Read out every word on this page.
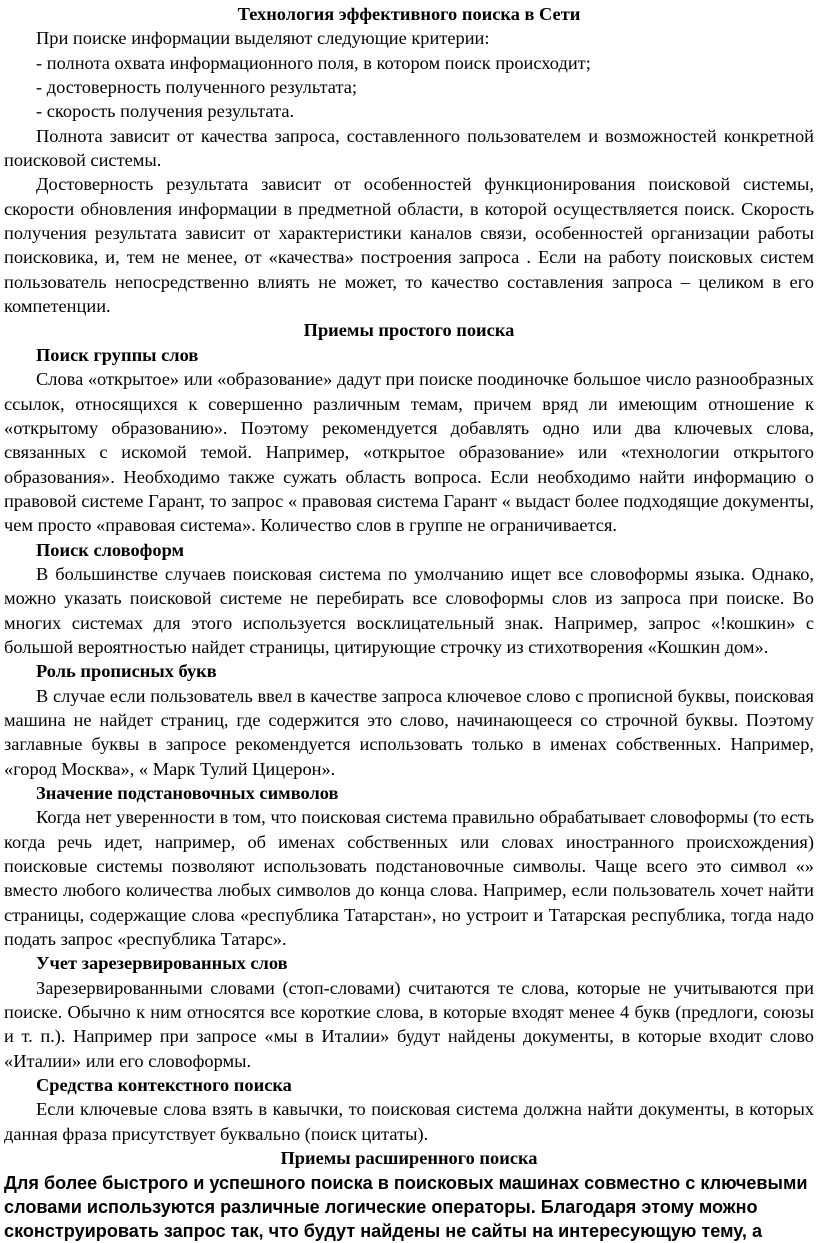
Технология эффективного поиска в Сети

При поиске информации выделяют следующие критерии:

- полнота охвата информационного поля, в котором поиск происходит;

- достоверность полученного результата;

- скорость получения результата.

Полнота зависит от качества запроса, составленного пользователем и возможностей конкретной поисковой системы.

Достоверность результата зависит от особенностей функционирования поисковой системы, скорости обновления информации в предметной области, в которой осуществляется поиск. Скорость получения результата зависит от характеристики каналов связи, особенностей организации работы поисковика, и, тем не менее, от «качества» построения запроса . Если на работу поисковых систем пользователь непосредственно влиять не может, то качество составления запроса – целиком в его компетенции.

Приемы простого поиска

Поиск группы слов

Слова «открытое» или «образование» дадут при поиске поодиночке большое число разнообразных ссылок, относящихся к совершенно различным темам, причем вряд ли имеющим отношение к «открытому образованию». Поэтому рекомендуется добавлять одно или два ключевых слова, связанных с искомой темой. Например, «открытое образование» или «технологии открытого образования». Необходимо также сужать область вопроса. Если необходимо найти информацию о правовой системе Гарант, то запрос « правовая система Гарант « выдаст более подходящие документы, чем просто «правовая система». Количество слов в группе не ограничивается.

Поиск словоформ

В большинстве случаев поисковая система по умолчанию ищет все словоформы языка. Однако, можно указать поисковой системе не перебирать все словоформы слов из запроса при поиске. Во многих системах для этого используется восклицательный знак. Например, запрос «!кошкин» с большой вероятностью найдет страницы, цитирующие строчку из стихотворения «Кошкин дом».

Роль прописных букв

В случае если пользователь ввел в качестве запроса ключевое слово с прописной буквы, поисковая машина не найдет страниц, где содержится это слово, начинающееся со строчной буквы. Поэтому заглавные буквы в запросе рекомендуется использовать только в именах собственных. Например, «город Москва», « Марк Тулий Цицерон».

Значение подстановочных символов

Когда нет уверенности в том, что поисковая система правильно обрабатывает словоформы (то есть когда речь идет, например, об именах собственных или словах иностранного происхождения) поисковые системы позволяют использовать подстановочные символы. Чаще всего это символ «» вместо любого количества любых символов до конца слова. Например, если пользователь хочет найти страницы, содержащие слова «республика Татарстан», но устроит и Татарская республика, тогда надо подать запрос «республика Татарс».

Учет зарезервированных слов

Зарезервированными словами (стоп-словами) считаются те слова, которые не учитываются при поиске. Обычно к ним относятся все короткие слова, в которые входят менее 4 букв (предлоги, союзы и т. п.). Например при запросе «мы в Италии» будут найдены документы, в которые входит слово «Италии» или его словоформы.

Средства контекстного поиска

Если ключевые слова взять в кавычки, то поисковая система должна найти документы, в которых данная фраза присутствует буквально (поиск цитаты).

Приемы расширенного поиска

Для более быстрого и успешного поиска в поисковых машинах совместно с ключевыми

словами используются различные логические операторы. Благодаря этому можно

сконструировать запрос так, что будут найдены не сайты на интересующую тему, а
